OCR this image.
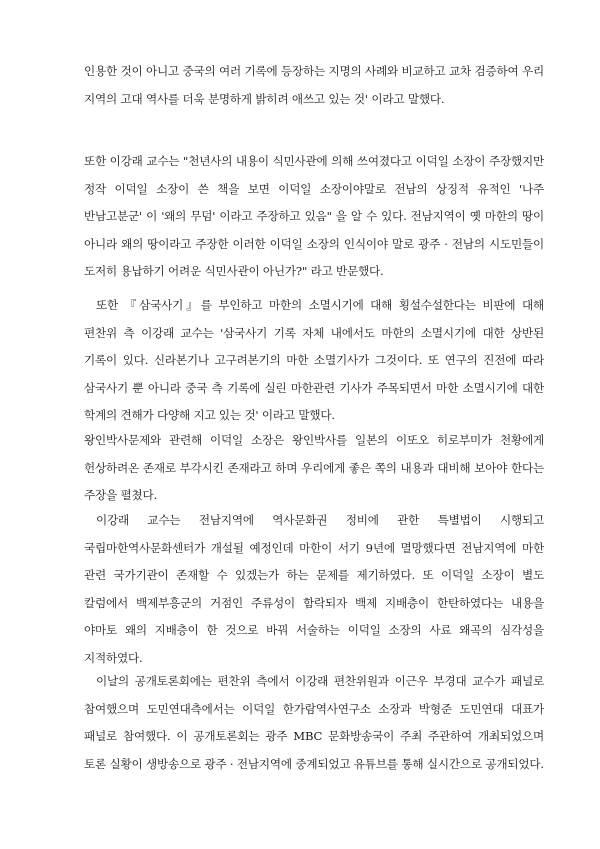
인용한 것이 아니고 중국의 여러 기록에 등장하는 지명의 사례와 비교하고 교차 검증하여 우리 지역의 고대 역사를 더욱 분명하게 밝히려 애쓰고 있는 것' 이라고 말했다.

또한 이강래 교수는 "천년사의 내용이 식민사관에 의해 쓰여졌다고 이덕일 소장이 주장했지만 정작 이덕일 소장이 쓴 책을 보면 이덕일 소장이야말로 전남의 상징적 유적인 '나주 반남고분군' 이 '왜의 무덤' 이라고 주장하고 있음" 을 알 수 있다. 전남지역이 옛 마한의 땅이 아니라 왜의 땅이라고 주장한 이러한 이덕일 소장의 인식이야 말로 광주 · 전남의 시도민들이 도저히 용납하기 어려운 식민사관이 아닌가?" 라고 반문했다.

또한 『삼국사기』를 부인하고 마한의 소멸시기에 대해 횡설수설한다는 비판에 대해 편찬위 측 이강래 교수는 '삼국사기 기록 자체 내에서도 마한의 소멸시기에 대한 상반된 기록이 있다. 신라본기나 고구려본기의 마한 소멸기사가 그것이다. 또 연구의 진전에 따라 삼국사기 뿐 아니라 중국 측 기록에 실린 마한관련 기사가 주목되면서 마한 소멸시기에 대한 학계의 견해가 다양해 지고 있는 것' 이라고 말했다.

왕인박사문제와 관련해 이덕일 소장은 왕인박사를 일본의 이또오 히로부미가 천황에게 헌상하려온 존재로 부각시킨 존재라고 하며 우리에게 좋은 쪽의 내용과 대비해 보아야 한다는 주장을 펼쳤다.

이강래 교수는 전남지역에 역사문화권 정비에 관한 특별법이 시행되고 국립마한역사문화센터가 개설될 예정인데 마한이 서기 9년에 멸망했다면 전남지역에 마한 관련 국가기관이 존재할 수 있겠는가 하는 문제를 제기하였다. 또 이덕일 소장이 별도 칼럼에서 백제부흥군의 거점인 주류성이 함락되자 백제 지배층이 한탄하였다는 내용을 야마토 왜의 지배층이 한 것으로 바꿔 서술하는 이덕일 소장의 사료 왜곡의 심각성을 지적하였다.

이날의 공개토론회에는 편찬위 측에서 이강래 편찬위원과 이근우 부경대 교수가 패널로 참여했으며 도민연대측에서는 이덕일 한가람역사연구소 소장과 박형준 도민연대 대표가 패널로 참여했다. 이 공개토론회는 광주 MBC 문화방송국이 주최 주관하여 개최되었으며 토론 실황이 생방송으로 광주 · 전남지역에 중계되었고 유튜브를 통해 실시간으로 공개되었다.
